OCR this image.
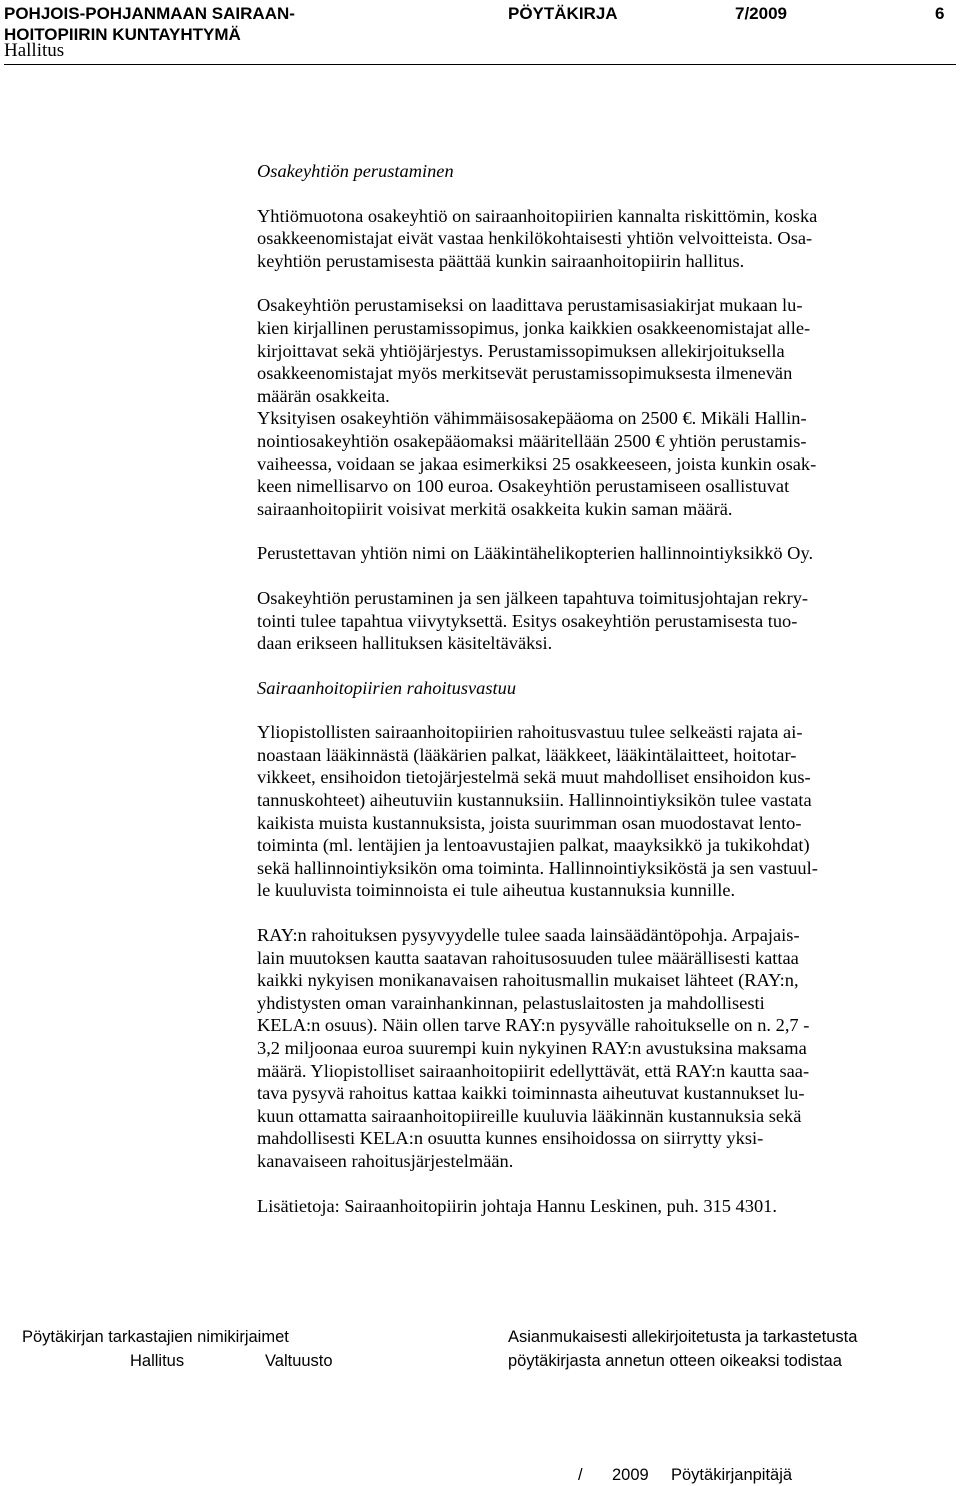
POHJOIS-POHJANMAAN SAIRAAN-
HOITOPIIRIN KUNTAYHTYMÄ
PÖYTÄKIRJA	7/2009	6
Hallitus

Osakeyhtiön perustaminen

Yhtiömuotona osakeyhtiö on sairaanhoitopiirien kannalta riskittömin, koska
osakkeenomistajat eivät vastaa henkilökohtaisesti yhtiön velvoitteista. Osa-
keyhtiön perustamisesta päättää kunkin sairaanhoitopiirin hallitus.

Osakeyhtiön perustamiseksi on laadittava perustamisasiakirjat mukaan lu-
kien kirjallinen perustamissopimus, jonka kaikkien osakkeenomistajat alle-
kirjoittavat sekä yhtiöjärjestys. Perustamissopimuksen allekirjoituksella
osakkeenomistajat myös merkitsevät perustamissopimuksesta ilmenevän
määrän osakkeita.
Yksityisen osakeyhtiön vähimmäisosakepääoma on 2500 €. Mikäli Hallin-
nointiosakeyhtiön osakepääomaksi määritellään 2500 € yhtiön perustamis-
vaiheessa, voidaan se jakaa esimerkiksi 25 osakkeeseen, joista kunkin osak-
keen nimellisarvo on 100 euroa. Osakeyhtiön perustamiseen osallistuvat
sairaanhoitopiirit voisivat merkitä osakkeita kukin saman määrä.

Perustettavan yhtiön nimi on Lääkintähelikopterien hallinnointiyksikkö Oy.

Osakeyhtiön perustaminen ja sen jälkeen tapahtuva toimitusjohtajan rekry-
tointi tulee tapahtua viivytyksettä. Esitys osakeyhtiön perustamisesta tuo-
daan erikseen hallituksen käsiteltäväksi.

Sairaanhoitopiirien rahoitusvastuu

Yliopistollisten sairaanhoitopiirien rahoitusvastuu tulee selkeästi rajata ai-
noastaan lääkinnästä (lääkärien palkat, lääkkeet, lääkintälaitteet, hoitotar-
vikkeet, ensihoidon tietojärjestelmä sekä muut mahdolliset ensihoidon kus-
tannuskohteet) aiheutuviin kustannuksiin. Hallinnointiyksikön tulee vastata
kaikista muista kustannuksista, joista suurimman osan muodostavat lento-
toiminta (ml. lentäjien ja lentoavustajien palkat, maayksikkö ja tukikohdat)
sekä hallinnointiyksikön oma toiminta. Hallinnointiyksiköstä ja sen vastuul-
le kuuluvista toiminnoista ei tule aiheutua kustannuksia kunnille.

RAY:n rahoituksen pysyvyydelle tulee saada lainsäädäntöpohja. Arpajais-
lain muutoksen kautta saatavan rahoitusosuuden tulee määrällisesti kattaa
kaikki nykyisen monikanavaisen rahoitusmallin mukaiset lähteet (RAY:n,
yhdistysten oman varainhankinnan, pelastuslaitosten ja mahdollisesti
KELA:n osuus). Näin ollen tarve RAY:n pysyvälle rahoitukselle on n. 2,7 -
3,2 miljoonaa euroa suurempi kuin nykyinen RAY:n avustuksina maksama
määrä. Yliopistolliset sairaanhoitopiirit edellyttävät, että RAY:n kautta saa-
tava pysyvä rahoitus kattaa kaikki toiminnasta aiheutuvat kustannukset lu-
kuun ottamatta sairaanhoitopiireille kuuluvia lääkinnän kustannuksia sekä
mahdollisesti KELA:n osuutta kunnes ensihoidossa on siirrytty yksi-
kanavaiseen rahoitusjärjestelmään.

Lisätietoja: Sairaanhoitopiirin johtaja Hannu Leskinen, puh. 315 4301.

Pöytäkirjan tarkastajien nimikirjaimet
Hallitus	Valtuusto
Asianmukaisesti allekirjoitetusta ja tarkastetusta
pöytäkirjasta annetun otteen oikeaksi todistaa
/ 2009 Pöytäkirjanpitäjä
